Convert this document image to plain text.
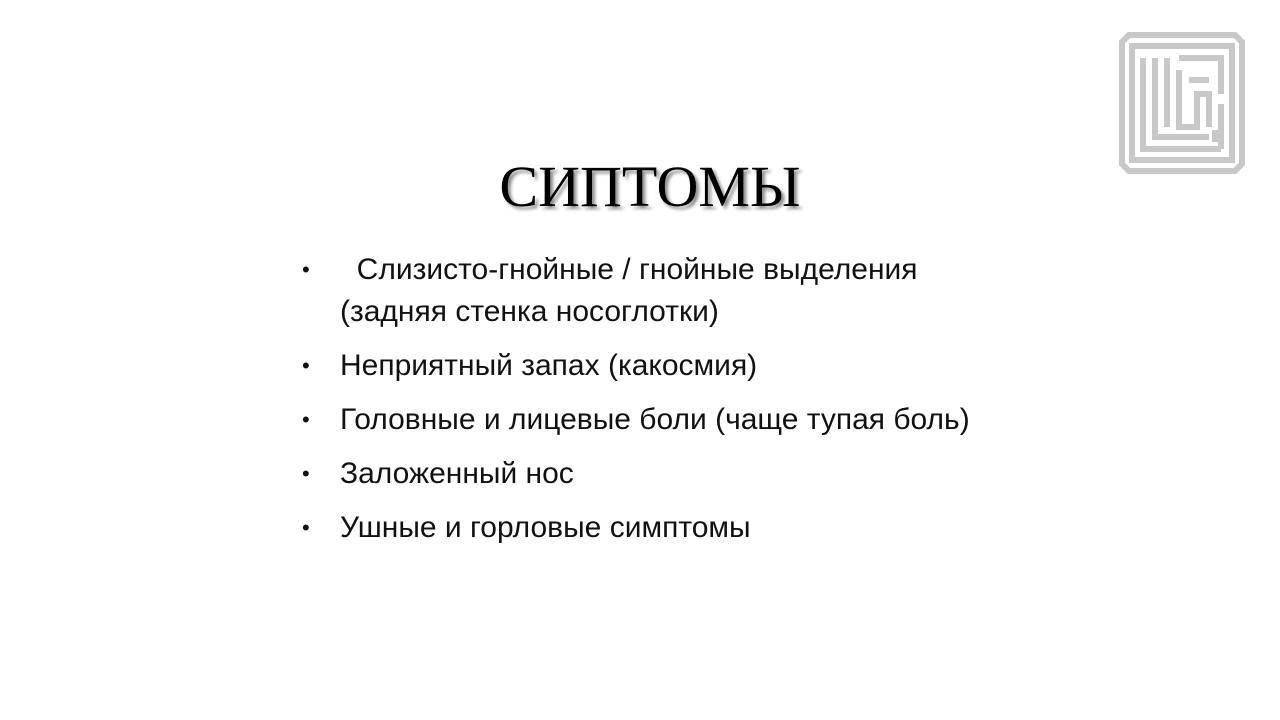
СИПТОМЫ
• Слизисто-гнойные / гнойные выделения
(задняя стенка носоглотки)
• Неприятный запах (какосмия)
• Головные и лицевые боли (чаще тупая боль)
• Заложенный нос
• Ушные и горловые симптомы
